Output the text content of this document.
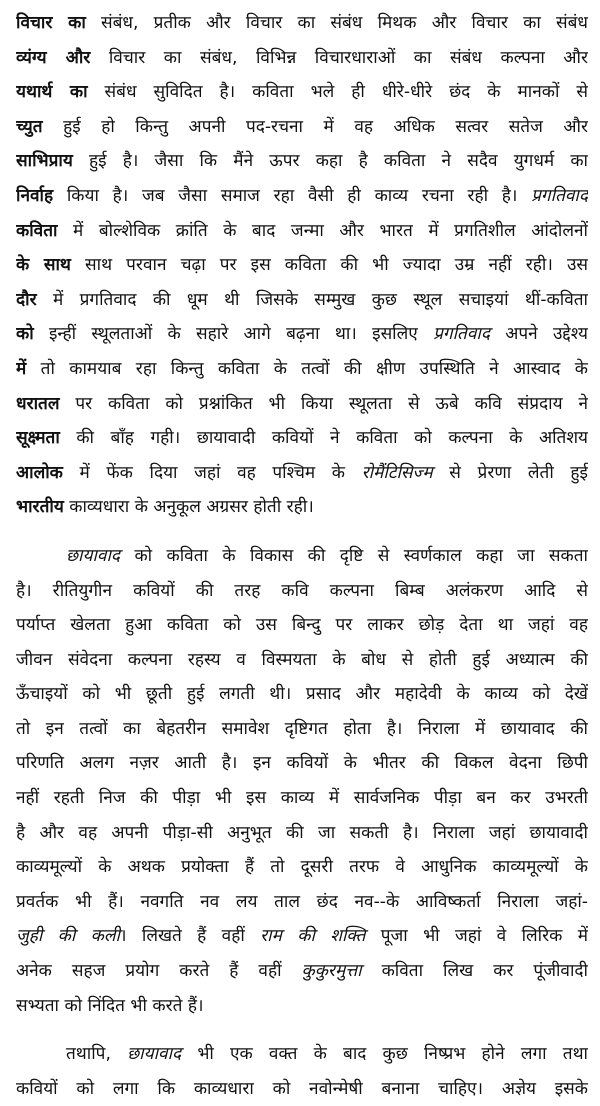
विचार का संबंध, प्रतीक और विचार का संबंध मिथक और विचार का संबंध
व्यंग्य और विचार का संबंध, विभिन्न विचारधाराओं का संबंध कल्पना और
यथार्थ का संबंध सुविदित है। कविता भले ही धीरे-धीरे छंद के मानकों से
च्युत हुई हो किन्तु अपनी पद-रचना में वह अधिक सत्वर सतेज और
साभिप्राय हुई है। जैसा कि मैंने ऊपर कहा है कविता ने सदैव युगधर्म का
निर्वाह किया है। जब जैसा समाज रहा वैसी ही काव्य रचना रही है। प्रगतिवाद
कविता में बोल्शेविक क्रांति के बाद जन्मा और भारत में प्रगतिशील आंदोलनों
के साथ साथ परवान चढ़ा पर इस कविता की भी ज्यादा उम्र नहीं रही। उस
दौर में प्रगतिवाद की धूम थी जिसके सम्मुख कुछ स्थूल सचाइयां थीं-कविता
को इन्हीं स्थूलताओं के सहारे आगे बढ़ना था। इसलिए प्रगतिवाद अपने उद्देश्य
में तो कामयाब रहा किन्तु कविता के तत्वों की क्षीण उपस्थिति ने आस्वाद के
धरातल पर कविता को प्रश्नांकित भी किया स्थूलता से ऊबे कवि संप्रदाय ने
सूक्ष्मता की बाँह गही। छायावादी कवियों ने कविता को कल्पना के अतिशय
आलोक में फेंक दिया जहां वह पश्चिम के रोमैंटिसिज्म से प्रेरणा लेती हुई
भारतीय काव्यधारा के अनुकूल अग्रसर होती रही।
छायावाद को कविता के विकास की दृष्टि से स्वर्णकाल कहा जा सकता
है। रीतियुगीन कवियों की तरह कवि कल्पना बिम्ब अलंकरण आदि से
पर्याप्त खेलता हुआ कविता को उस बिन्दु पर लाकर छोड़ देता था जहां वह
जीवन संवेदना कल्पना रहस्य व विस्मयता के बोध से होती हुई अध्यात्म की
ऊँचाइयों को भी छूती हुई लगती थी। प्रसाद और महादेवी के काव्य को देखें
तो इन तत्वों का बेहतरीन समावेश दृष्टिगत होता है। निराला में छायावाद की
परिणति अलग नज़र आती है। इन कवियों के भीतर की विकल वेदना छिपी
नहीं रहती निज की पीड़ा भी इस काव्य में सार्वजनिक पीड़ा बन कर उभरती
है और वह अपनी पीड़ा-सी अनुभूत की जा सकती है। निराला जहां छायावादी
काव्यमूल्यों के अथक प्रयोक्ता हैं तो दूसरी तरफ वे आधुनिक काव्यमूल्यों के
प्रवर्तक भी हैं। नवगति नव लय ताल छंद नव--के आविष्कर्ता निराला जहां-
जुही की कली। लिखते हैं वहीं राम की शक्ति पूजा भी जहां वे लिरिक में
अनेक सहज प्रयोग करते हैं वहीं कुकुरमुत्ता कविता लिख कर पूंजीवादी
सभ्यता को निंदित भी करते हैं।
तथापि, छायावाद भी एक वक्त के बाद कुछ निष्प्रभ होने लगा तथा
कवियों को लगा कि काव्यधारा को नवोन्मेषी बनाना चाहिए। अज्ञेय इसके
